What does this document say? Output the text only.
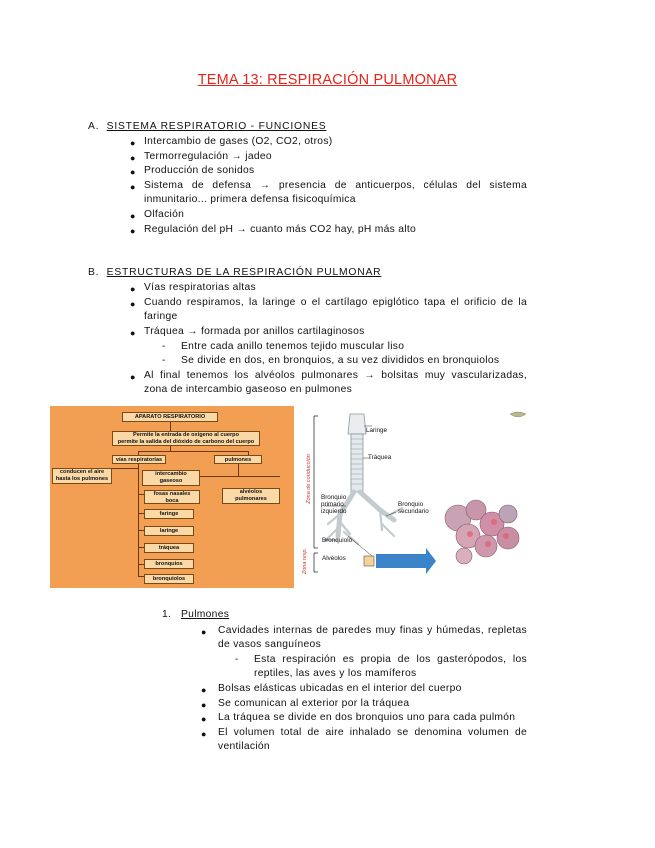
TEMA 13: RESPIRACIÓN PULMONAR
A. SISTEMA RESPIRATORIO - FUNCIONES
● Intercambio de gases (O2, CO2, otros)
● Termorregulación → jadeo
● Producción de sonidos
● Sistema de defensa → presencia de anticuerpos, células del sistema
inmunitario... primera defensa fisicoquímica
● Olfación
● Regulación del pH → cuanto más CO2 hay, pH más alto
B. ESTRUCTURAS DE LA RESPIRACIÓN PULMONAR
● Vías respiratorias altas
● Cuando respiramos, la laringe o el cartílago epiglótico tapa el orificio de la
faringe
● Tráquea → formada por anillos cartilaginosos
- Entre cada anillo tenemos tejido muscular liso
- Se divide en dos, en bronquios, a su vez divididos en bronquiolos
● Al final tenemos los alvéolos pulmonares → bolsitas muy vascularizadas,
zona de intercambio gaseoso en pulmones
APARATO RESPIRATORIO
Permite la entrada de oxígeno al cuerpo
permite la salida del dióxido de carbono del cuerpo
vías respiratorias	pulmones
conducen el aire
hasta los pulmones
intercambio
gaseoso
alvéolos
pulmonares
fosas nasales
boca
faringe
laringe
tráquea
bronquios
bronquiolos
Laringe
Tráquea
Bronquio
primario
izquierdo
Bronquio
secundario
Bronquiolo
Alvéolos
Zona de conducción
Zona resp.
1. Pulmones
● Cavidades internas de paredes muy finas y húmedas, repletas
de vasos sanguíneos
- Esta respiración es propia de los gasterópodos, los
reptiles, las aves y los mamíferos
● Bolsas elásticas ubicadas en el interior del cuerpo
● Se comunican al exterior por la tráquea
● La tráquea se divide en dos bronquios uno para cada pulmón
● El volumen total de aire inhalado se denomina volumen de
ventilación
